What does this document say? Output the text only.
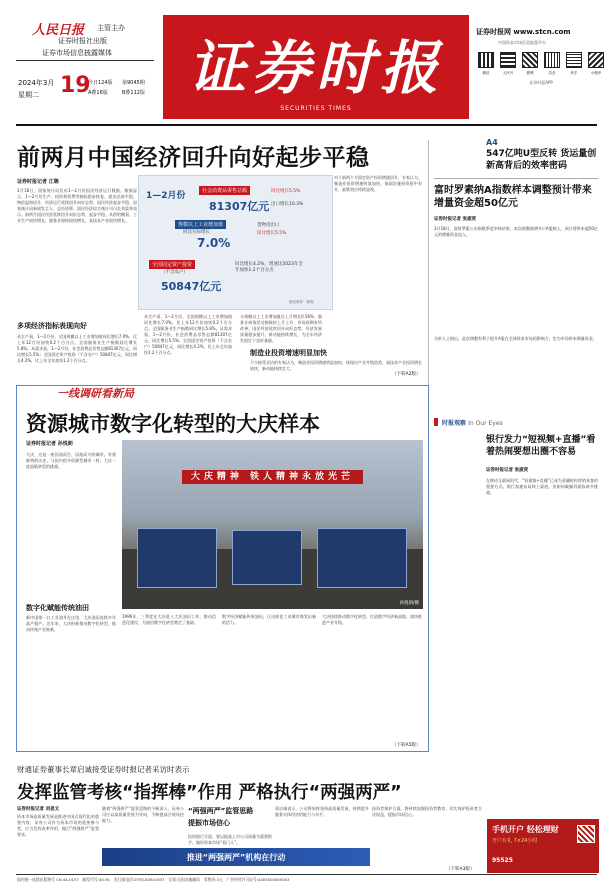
人民日报 主管主办
证券时报社出版
证券市场信息披露媒体
2024年3月 19
星期二
今日124版 第9045期
A叠16版	B叠112版 证券时报
SECURITIES TIMES
证券时报网 www.stcn.com
中国资本市场信息披露平台
微信	人民号	微博	抖音	快手	小程序
证券时报APP
前两月中国经济回升向好起步平稳
证券时报记者 江聃
3月18日，国家统计局发布1—2月份国民经济运行数据。数据显示，1—2月份生产、投资和消费等指标稳步恢复，就业总体平稳，物价温和回升，经济运行延续回升向好态势，国民经济起步平稳。国家统计局新闻发言人、总经济师、国民经济综合统计司司长刘爱华表示，前两月国民经济延续回升向好态势，起步平稳。从供给侧看，工业生产较快增长，服务业保持较快增长，高技术产业较快增长。
多项经济指标表现向好
从生产看，1—2月份，全国规模以上工业增加值同比增长7.0%，比上年12月份加快0.2个百分点。全国服务业生产指数同比增长5.8%。从需求看，1—2月份，社会消费品零售总额81307亿元，同比增长5.5%；全国固定资产投资（不含农户）50847亿元，同比增长4.2%，比上年全年加快1.2个百分点。
从生产看，1—2月份，全国规模以上工业增加值同比增长7.0%，比上年12月份加快0.2个百分点。全国服务业生产指数同比增长5.8%。从需求看，1—2月份，社会消费品零售总额81307亿元，同比增长5.5%；全国固定资产投资（不含农户）50847亿元，同比增长4.2%，比上年全年加快1.2个百分点。
分规模以上工业增加值比上月增长0.56%，服务业商务活动指数较上月上升，市场预期有所改善。国民经济延续回升向好态势，经济发展质量稳步提升，新动能持续增长，为全年经济发展打下良好基础。
1—2月份	社会消费品零售总额
81307亿元
同比增长5.5%
出口增长10.3%
规模以上工业增加值
同比实际增长
7.0%
货物进出口
同比增长5.5%
全国固定资产投资
（不含农户）
50847亿元
同比增长4.2%，增速比2023年全年加快1.2个百分点
图表制作：陈锦
制造业投资增速明显加快
对于前两个月固定资产投资增速回升，专家认为，制造业投资增速明显加快，基础设施投资稳中有升，政策效应持续显现。
不少接受采访的专家认为，制造业投资增速明显加快，体现出产业升级趋势，高技术产业投资增长较快，新动能持续壮大。
（下转A2版）
A4
547亿吨U型反转 货运量创新高背后的效率密码
富时罗素纳A指数样本调整预计带来增量资金超50亿元
证券时报记者 张淑贤
3月18日，富时罗素公布指数季度审核结果，本次调整新增多只A股纳入，预计将带来超50亿元的增量资金流入。
分析人士指出，此次调整有利于提升A股在全球资本市场的影响力，也为市场带来增量资金。
时报观察 In Our Eyes
银行发力“短视频+直播”看着热闹要想出圈不容易
证券时报记者 张淑贤
在移动互联网时代，“短视频+直播”已成为金融机构营销获客的重要方式。银行加速布局线上渠道，但如何破圈仍面临诸多挑战。
手机开户 轻松理财
开户有礼 7×24小时
95525
一线调研看新局
资源城市数字化转型的大庆样本
证券时报记者 孙悦朗
大庆，这是一座因油而生、因油而兴的城市。有着鲜明的历史，与国内很多资源型城市一样，大庆一度面临转型的挑战。
数字化赋能传统油田
新中国第一口工业油井在这里，大庆油田连续多年高产稳产。近年来，大庆积极推动数字化转型，推动传统产业焕新。
大庆精神 铁人精神永放光芒
孙悦朗/摄
1996年，三季度在大庆进入大庆油田工作，推动信息化建设，为油田数字化转型奠定了基础。
数字经济赋能传统油田，让这座老工业城市焕发出新的活力。
大庆持续推动数字化转型，打造数字经济新高地，加快推进产业升级。
（下转A5版）
财通证券董事长章启诚接受证券时报记者采访时表示
发挥监管考核“指挥棒”作用 严格执行“两强两严”
证券时报记者 刘思文
资本市场高质量发展是推进中国式现代化的重要内容，证券公司作为资本市场的重要参与者，应当发挥表率作用，践行“两强两严”监管要求。
随着“两强两严”监管思路的不断深入，证券公司应以高质量发展为导向，不断提高合规风控能力。
“两强两严”监管思路
提振市场信心
投资银行方面，要以提高上市公司质量为重要抓手，做好资本市场“看门人”。
章启诚表示，公司将始终坚持高质量发展，持续提升服务实体经济的能力与水平。
投资者保护方面，将持续加强投资者教育，切实保护投资者合法权益，提振市场信心。
（下转A3版）
推进“两强两严”机构在行动
国内统一连续出版物号 CN 44-0157　邮发代号:45-91　发行部电话:0755-83501637　订阅:全国各地邮局　零售价:3元　广告经营许可证号:4403004000003
